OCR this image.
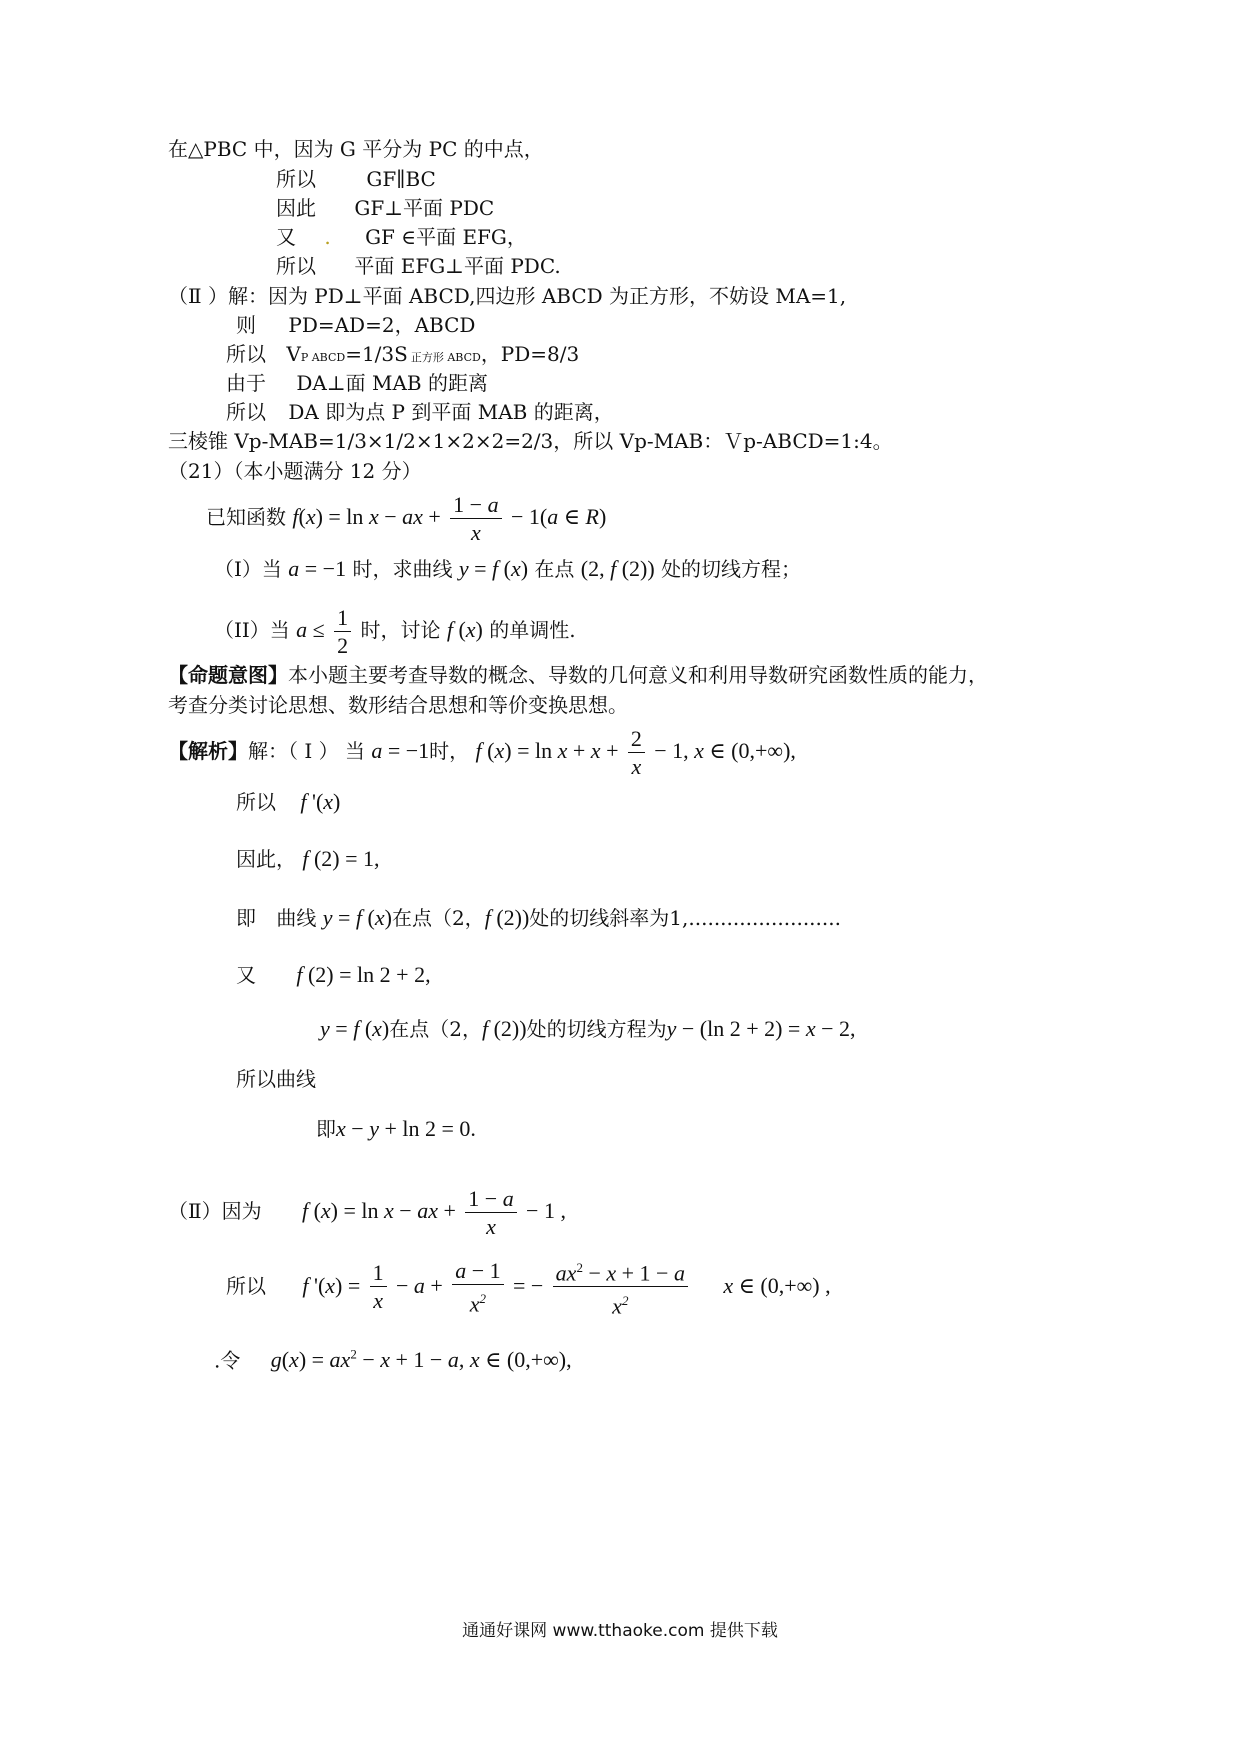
在△PBC 中，因为 G 平分为 PC 的中点，
所以	GF∥BC
因此 GF⊥平面 PDC
又 . GF ∈平面 EFG，
所以 平面 EFG⊥平面 PDC.
（Ⅱ ）解：因为 PD⊥平面 ABCD,四边形 ABCD 为正方形，不妨设 MA=1,
则 PD=AD=2，ABCD
所以 VP ABCD=1/3S 正方形 ABCD，PD=8/3
由于 DA⊥面 MAB 的距离
所以 DA 即为点 P 到平面 MAB 的距离，
三棱锥 Vp-MAB=1/3×1/2×1×2×2=2/3，所以 Vp-MAB：Ｖp-ABCD=1:4。
（21）（本小题满分 12 分）
已知函数 f(x) = ln x − ax + $\frac{1 - a}{x} - 1(a$ ∈ R)
（I）当 a = −1 时，求曲线 y = f (x) 在点 (2, f (2)) 处的切线方程；
（II）当 $a \le \frac{1}{2}$ 时，讨论 f (x) 的单调性.
【命题意图】本小题主要考查导数的概念、导数的几何意义和利用导数研究函数性质的能力，
考查分类讨论思想、数形结合思想和等价变换思想。
【解析】解：（ I ） 当 a = −1时， f $(x) = \ln x + x + \frac{2}{x} - 1$, x ∈ (0,+∞),
所以 f '(x)
因此， f (2) = 1,
即 曲线 y = f (x)在点（2，f (2))处的切线斜率为1,........................
又 f (2) = ln 2 + 2,
y = f (x)在点（2，f (2))处的切线方程为y − (ln 2 + 2) = x − 2,
所以曲线
即x − y + ln 2 = 0.
（Ⅱ）因为 f (x) = ln x − ax + $\frac{1 - a}{x} - 1$ ,
所以 f '$(x) = \frac{1}{x} - a + \frac{a - 1}{x^2}$ = − $\frac{ax^2 - x + 1 - a}{x^2}$ x ∈ (0,+∞) ,
.令 $g(x) = ax^2 - x + 1 - a$, x ∈ (0,+∞),
通通好课网 www.tthaoke.com 提供下载
